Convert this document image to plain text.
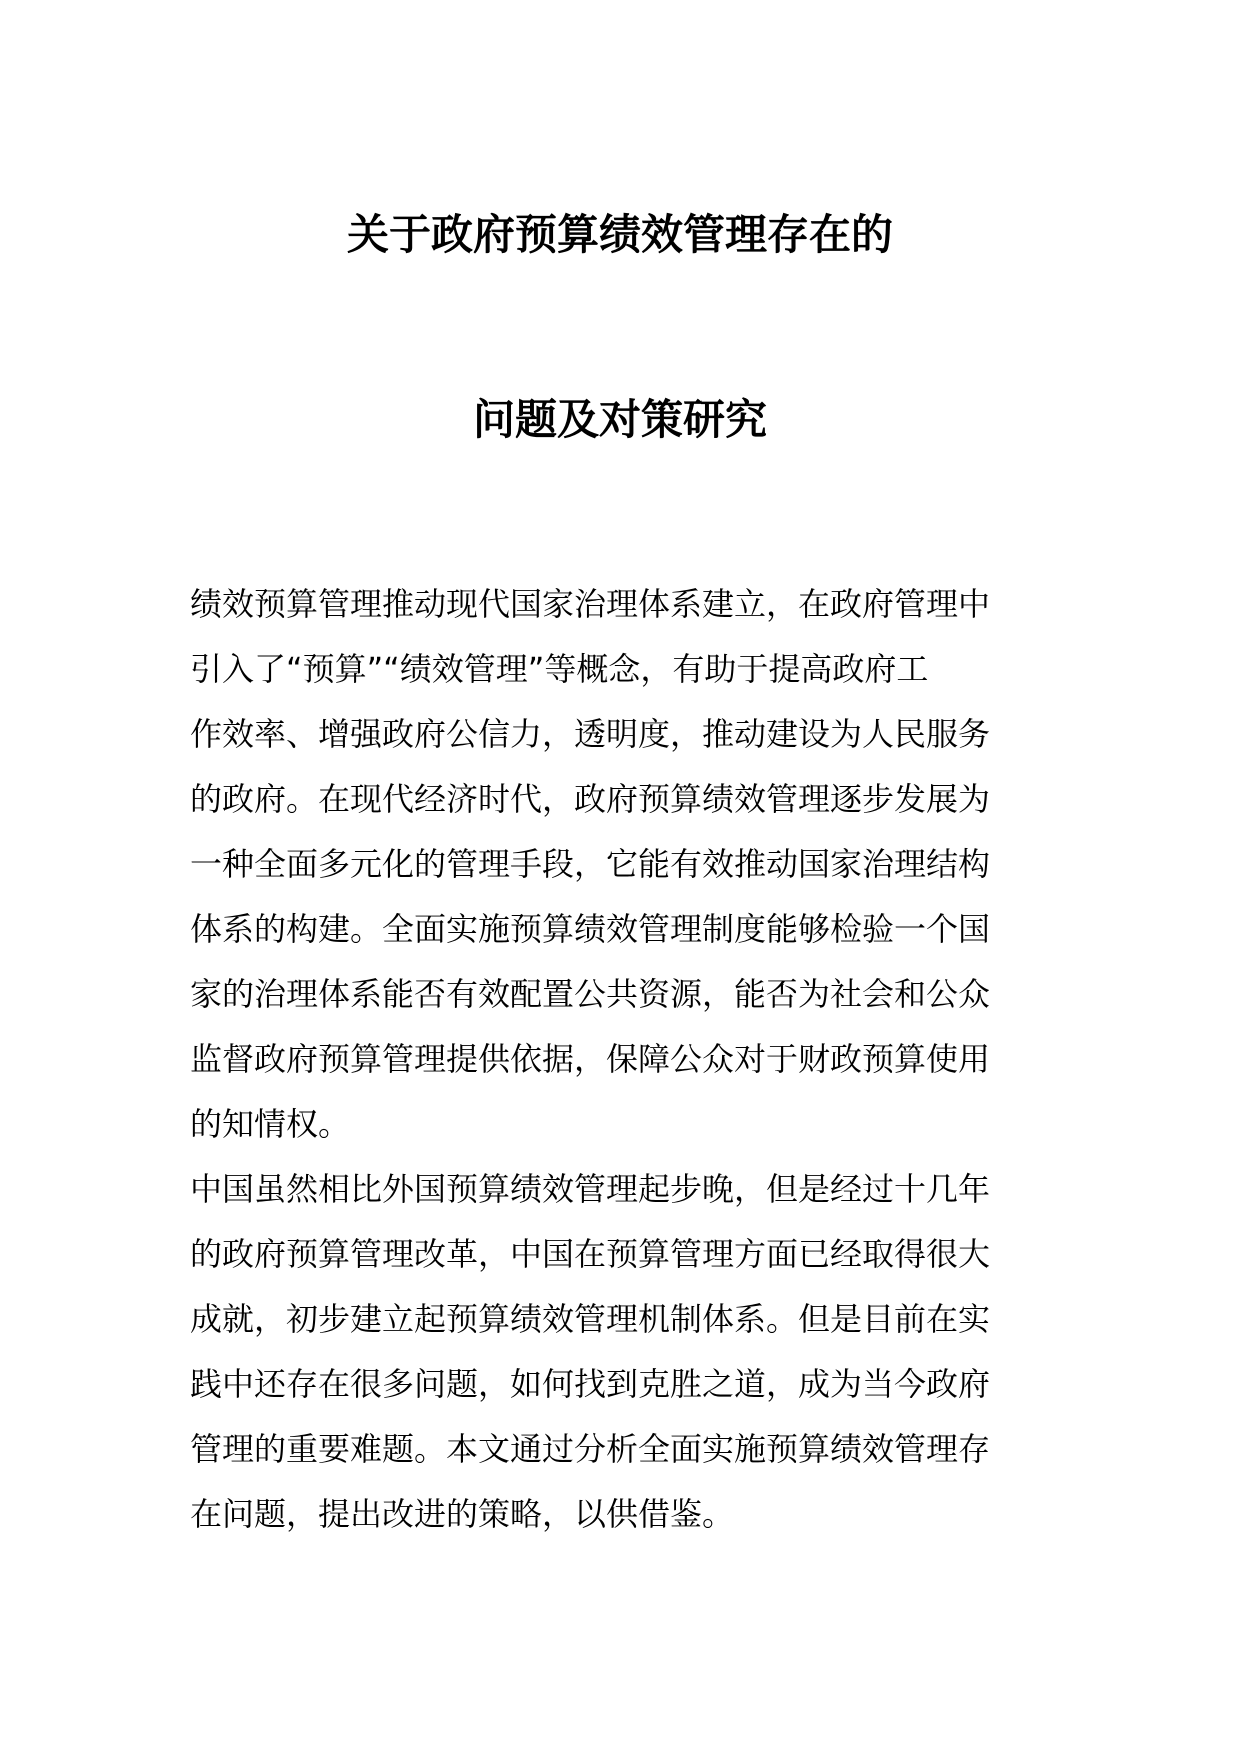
关于政府预算绩效管理存在的
问题及对策研究
绩效预算管理推动现代国家治理体系建立，在政府管理中
引入了“预算”“绩效管理”等概念，有助于提高政府工
作效率、增强政府公信力，透明度，推动建设为人民服务
的政府。在现代经济时代，政府预算绩效管理逐步发展为
一种全面多元化的管理手段，它能有效推动国家治理结构
体系的构建。全面实施预算绩效管理制度能够检验一个国
家的治理体系能否有效配置公共资源，能否为社会和公众
监督政府预算管理提供依据，保障公众对于财政预算使用
的知情权。
中国虽然相比外国预算绩效管理起步晚，但是经过十几年
的政府预算管理改革，中国在预算管理方面已经取得很大
成就，初步建立起预算绩效管理机制体系。但是目前在实
践中还存在很多问题，如何找到克胜之道，成为当今政府
管理的重要难题。本文通过分析全面实施预算绩效管理存
在问题，提出改进的策略，以供借鉴。
